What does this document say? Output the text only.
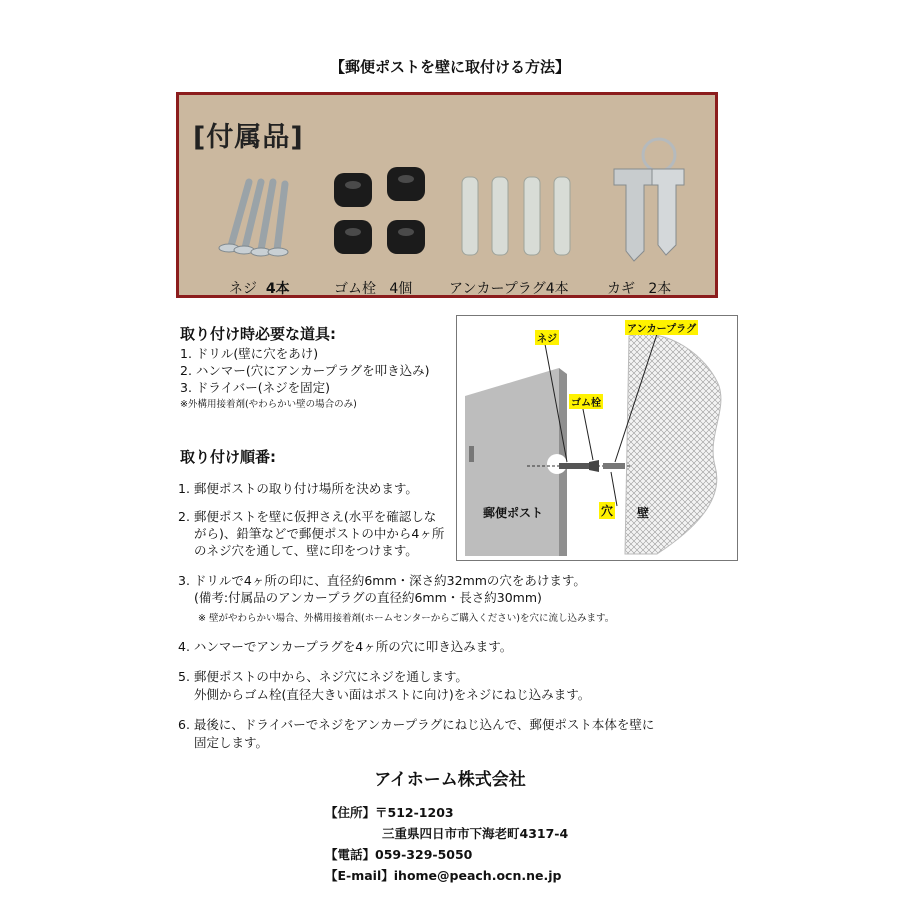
【郵便ポストを壁に取付ける方法】
[付属品]
ネジ 4本	ゴム栓 4個	アンカープラグ4本	カギ 2本
取り付け時必要な道具:
1. ドリル(壁に穴をあけ)
2. ハンマー(穴にアンカープラグを叩き込み)
3. ドライバー(ネジを固定)
※外構用接着剤(やわらかい壁の場合のみ)
ネジ
アンカープラグ
ゴム栓
穴 壁
郵便ポスト
取り付け順番:
1. 郵便ポストの取り付け場所を決めます。
2. 郵便ポストを壁に仮押さえ(水平を確認しな
がら)、鉛筆などで郵便ポストの中から4ヶ所
のネジ穴を通して、壁に印をつけます。
3. ドリルで4ヶ所の印に、直径約6mm・深さ約32mmの穴をあけます。
(備考:付属品のアンカープラグの直径約6mm・長さ約30mm)
※ 壁がやわらかい場合、外構用接着剤(ホームセンターからご購入ください)を穴に流し込みます。
4. ハンマーでアンカープラグを4ヶ所の穴に叩き込みます。
5. 郵便ポストの中から、ネジ穴にネジを通します。
外側からゴム栓(直径大きい面はポストに向け)をネジにねじ込みます。
6. 最後に、ドライバーでネジをアンカープラグにねじ込んで、郵便ポスト本体を壁に
固定します。
アイホーム株式会社
【住所】〒512-1203
三重県四日市市下海老町4317-4
【電話】059-329-5050
【E-mail】ihome@peach.ocn.ne.jp
